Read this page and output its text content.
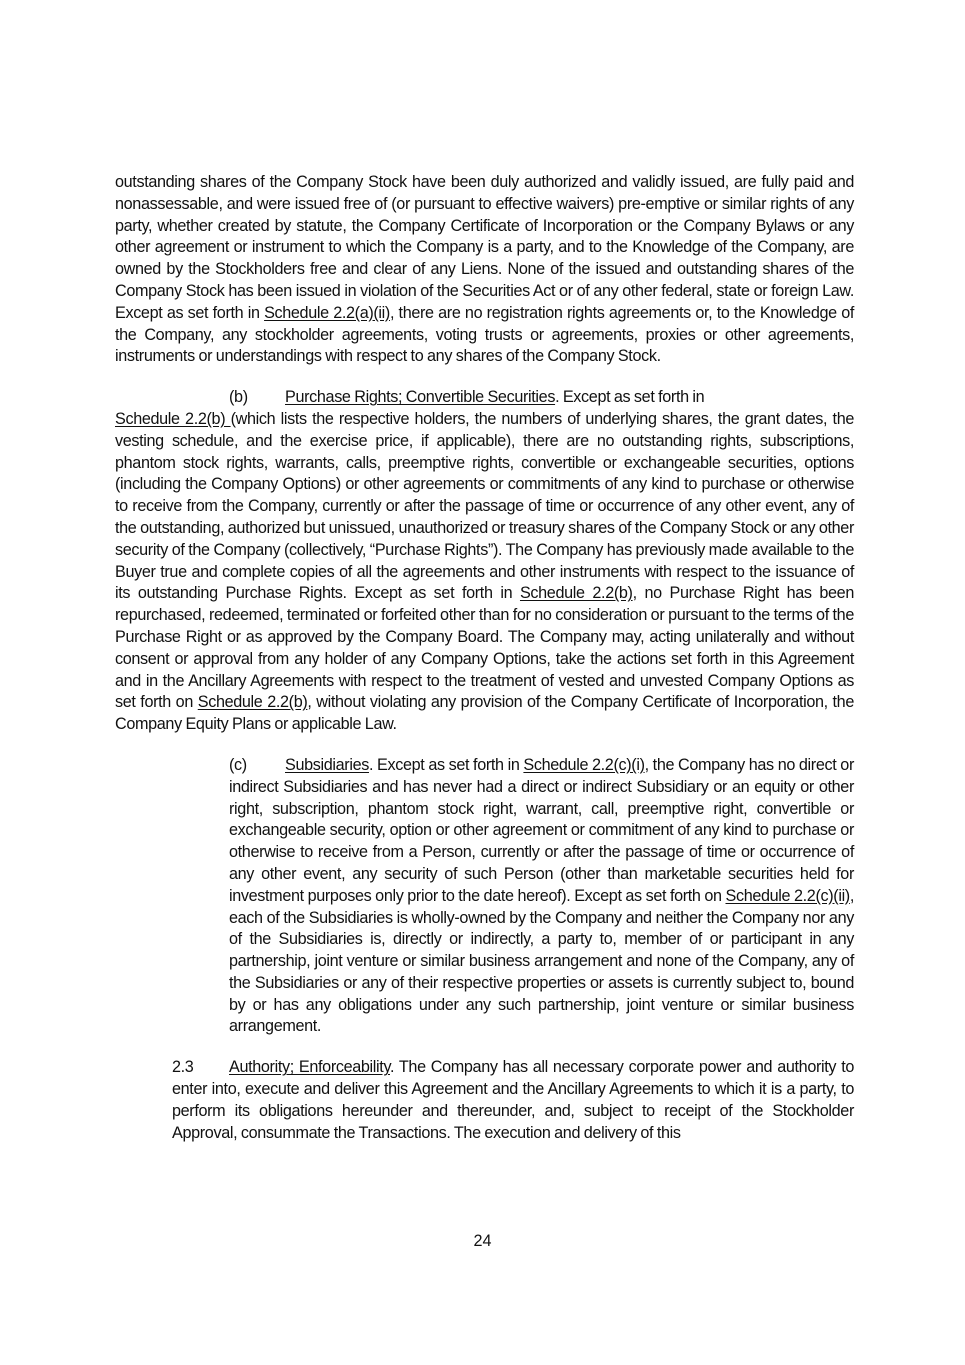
outstanding shares of the Company Stock have been duly authorized and validly issued, are fully paid and nonassessable, and were issued free of (or pursuant to effective waivers) pre-emptive or similar rights of any party, whether created by statute, the Company Certificate of Incorporation or the Company Bylaws or any other agreement or instrument to which the Company is a party, and to the Knowledge of the Company, are owned by the Stockholders free and clear of any Liens. None of the issued and outstanding shares of the Company Stock has been issued in violation of the Securities Act or of any other federal, state or foreign Law. Except as set forth in Schedule 2.2(a)(ii), there are no registration rights agreements or, to the Knowledge of the Company, any stockholder agreements, voting trusts or agreements, proxies or other agreements, instruments or understandings with respect to any shares of the Company Stock.

(b) Purchase Rights; Convertible Securities. Except as set forth in

Schedule 2.2(b) (which lists the respective holders, the numbers of underlying shares, the grant dates, the vesting schedule, and the exercise price, if applicable), there are no outstanding rights, subscriptions, phantom stock rights, warrants, calls, preemptive rights, convertible or exchangeable securities, options (including the Company Options) or other agreements or commitments of any kind to purchase or otherwise to receive from the Company, currently or after the passage of time or occurrence of any other event, any of the outstanding, authorized but unissued, unauthorized or treasury shares of the Company Stock or any other security of the Company (collectively, “Purchase Rights”). The Company has previously made available to the Buyer true and complete copies of all the agreements and other instruments with respect to the issuance of its outstanding Purchase Rights. Except as set forth in Schedule 2.2(b), no Purchase Right has been repurchased, redeemed, terminated or forfeited other than for no consideration or pursuant to the terms of the Purchase Right or as approved by the Company Board. The Company may, acting unilaterally and without consent or approval from any holder of any Company Options, take the actions set forth in this Agreement and in the Ancillary Agreements with respect to the treatment of vested and unvested Company Options as set forth on Schedule 2.2(b), without violating any provision of the Company Certificate of Incorporation, the Company Equity Plans or applicable Law.

(c) Subsidiaries. Except as set forth in Schedule 2.2(c)(i), the Company has no direct or indirect Subsidiaries and has never had a direct or indirect Subsidiary or an equity or other right, subscription, phantom stock right, warrant, call, preemptive right, convertible or exchangeable security, option or other agreement or commitment of any kind to purchase or otherwise to receive from a Person, currently or after the passage of time or occurrence of any other event, any security of such Person (other than marketable securities held for investment purposes only prior to the date hereof). Except as set forth on Schedule 2.2(c)(ii), each of the Subsidiaries is wholly-owned by the Company and neither the Company nor any of the Subsidiaries is, directly or indirectly, a party to, member of or participant in any partnership, joint venture or similar business arrangement and none of the Company, any of the Subsidiaries or any of their respective properties or assets is currently subject to, bound by or has any obligations under any such partnership, joint venture or similar business arrangement.

2.3 Authority; Enforceability. The Company has all necessary corporate power and authority to enter into, execute and deliver this Agreement and the Ancillary Agreements to which it is a party, to perform its obligations hereunder and thereunder, and, subject to receipt of the Stockholder Approval, consummate the Transactions. The execution and delivery of this

24
